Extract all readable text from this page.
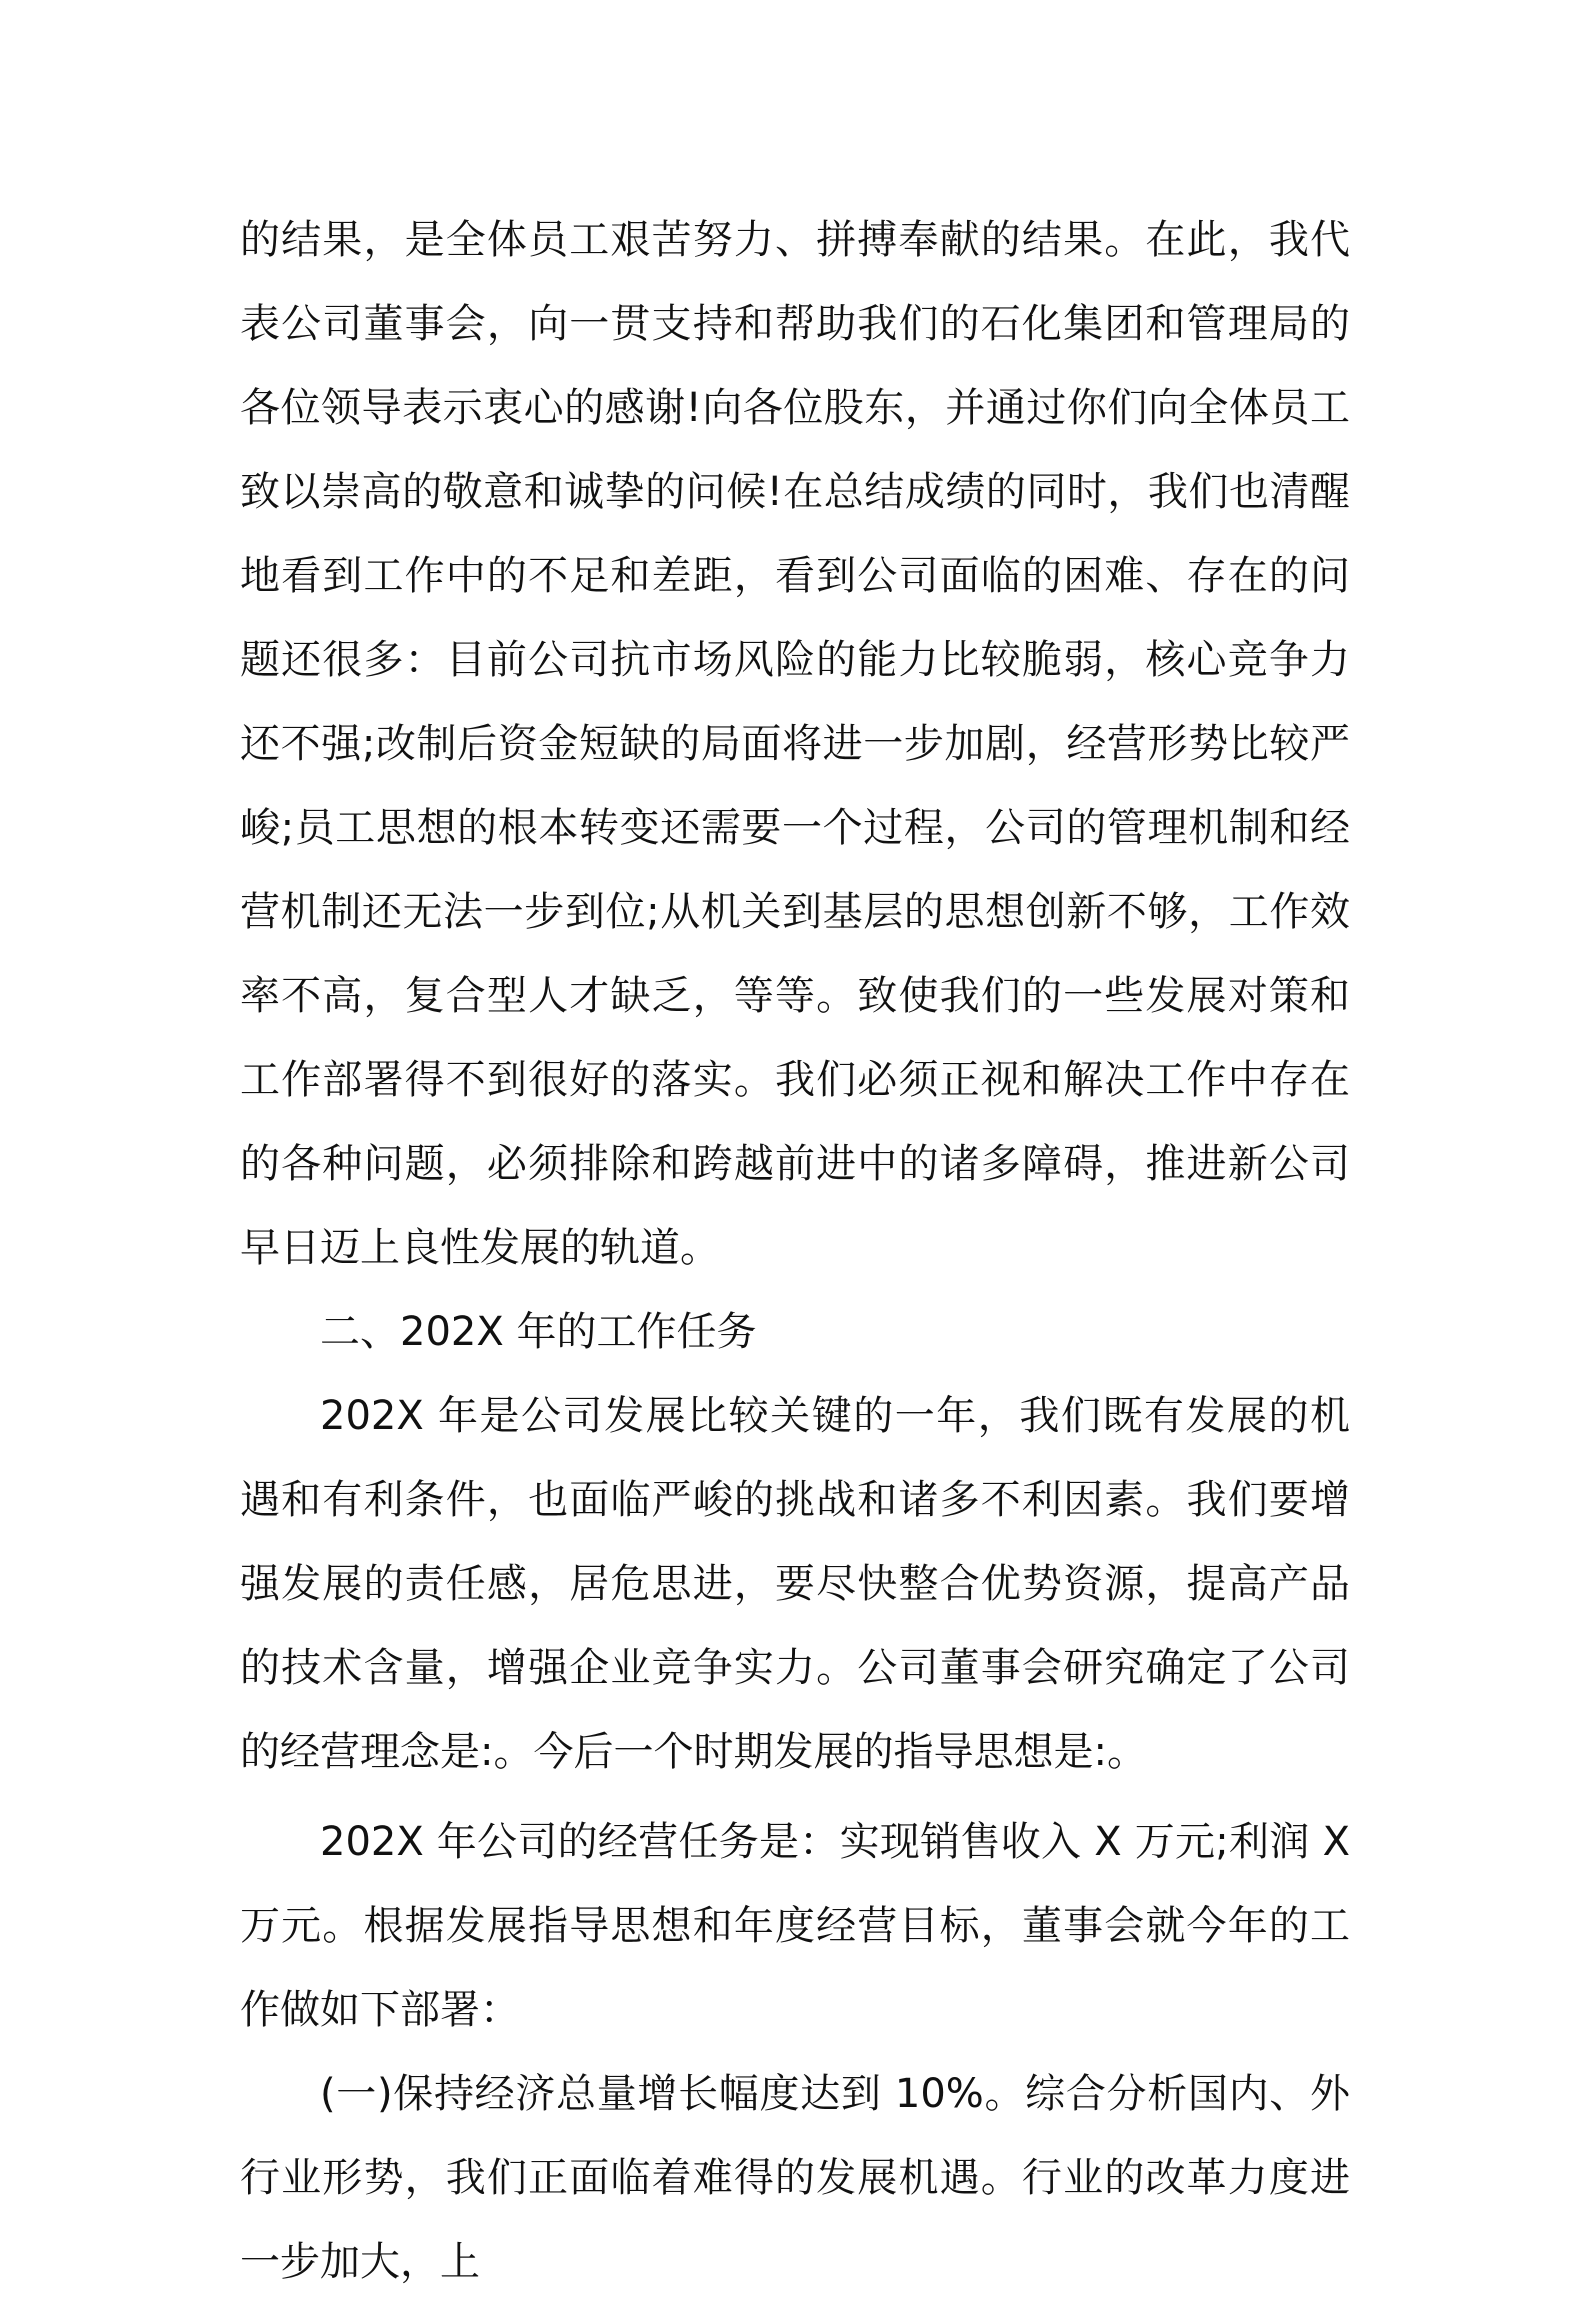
的结果，是全体员工艰苦努力、拼搏奉献的结果。在此，我代表公司董事会，向一贯支持和帮助我们的石化集团和管理局的各位领导表示衷心的感谢!向各位股东，并通过你们向全体员工致以崇高的敬意和诚挚的问候!在总结成绩的同时，我们也清醒地看到工作中的不足和差距，看到公司面临的困难、存在的问题还很多：目前公司抗市场风险的能力比较脆弱，核心竞争力还不强;改制后资金短缺的局面将进一步加剧，经营形势比较严峻;员工思想的根本转变还需要一个过程，公司的管理机制和经营机制还无法一步到位;从机关到基层的思想创新不够，工作效率不高，复合型人才缺乏，等等。致使我们的一些发展对策和工作部署得不到很好的落实。我们必须正视和解决工作中存在的各种问题，必须排除和跨越前进中的诸多障碍，推进新公司早日迈上良性发展的轨道。

二、202X 年的工作任务

202X 年是公司发展比较关键的一年，我们既有发展的机遇和有利条件，也面临严峻的挑战和诸多不利因素。我们要增强发展的责任感，居危思进，要尽快整合优势资源，提高产品的技术含量，增强企业竞争实力。公司董事会研究确定了公司的经营理念是:。今后一个时期发展的指导思想是:。

202X 年公司的经营任务是：实现销售收入 X 万元;利润 X 万元。根据发展指导思想和年度经营目标，董事会就今年的工作做如下部署：

(一)保持经济总量增长幅度达到 10%。综合分析国内、外行业形势，我们正面临着难得的发展机遇。行业的改革力度进一步加大，上
